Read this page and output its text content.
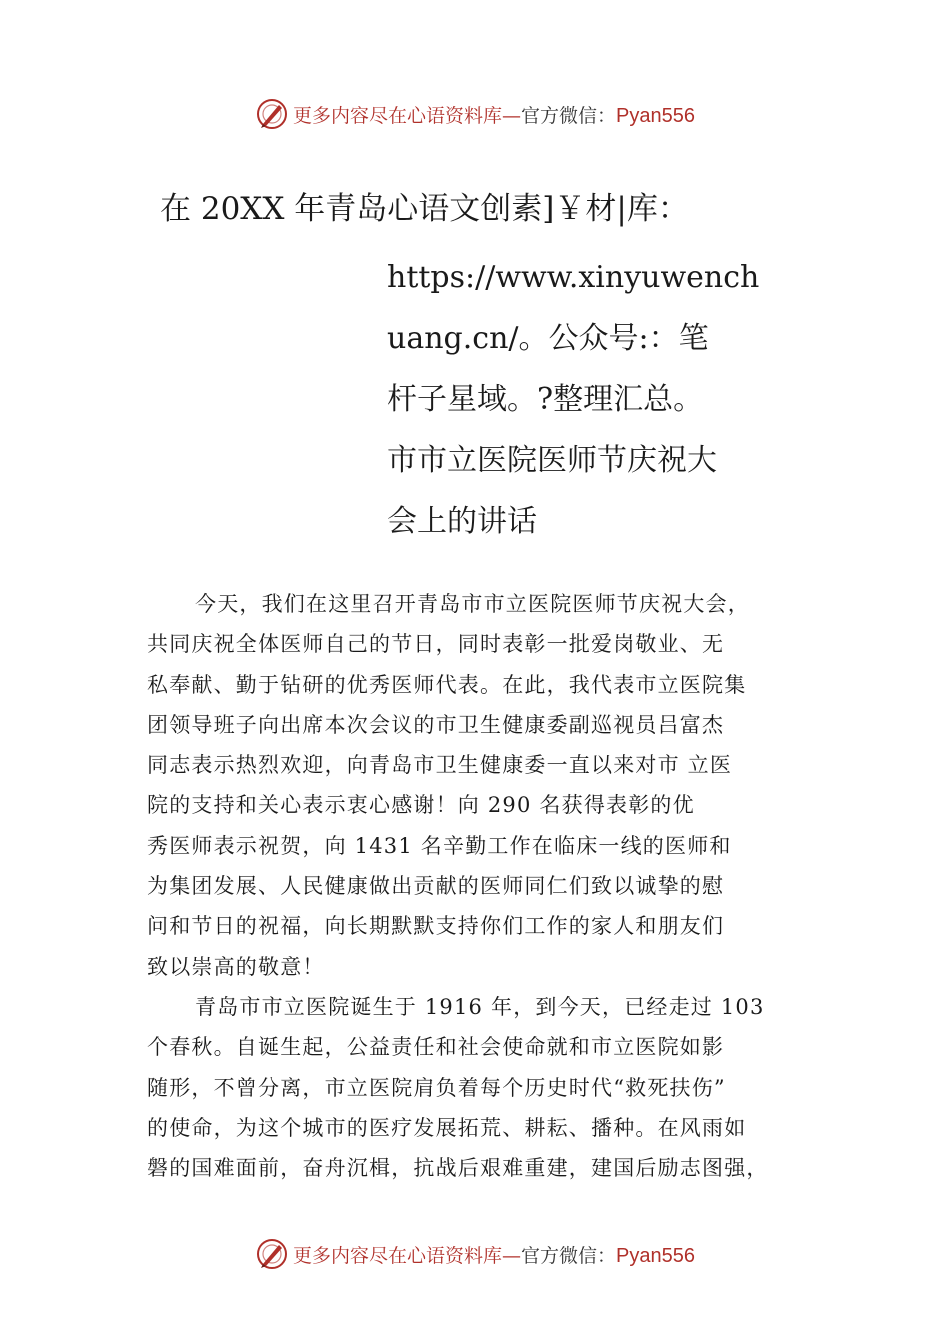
更多内容尽在心语资料库—官方微信：Pyan556
在 20XX 年青岛心语文创素]￥材|库：
https://www.xinyuwench
uang.cn/。公众号:：笔
杆子星域。?整理汇总。
市市立医院医师节庆祝大
会上的讲话
今天，我们在这里召开青岛市市立医院医师节庆祝大会，
共同庆祝全体医师自己的节日，同时表彰一批爱岗敬业、无
私奉献、勤于钻研的优秀医师代表。在此，我代表市立医院集
团领导班子向出席本次会议的市卫生健康委副巡视员吕富杰
同志表示热烈欢迎，向青岛市卫生健康委一直以来对市 立医
院的支持和关心表示衷心感谢！向 290 名获得表彰的优
秀医师表示祝贺，向 1431 名辛勤工作在临床一线的医师和
为集团发展、人民健康做出贡献的医师同仁们致以诚挚的慰
问和节日的祝福，向长期默默支持你们工作的家人和朋友们
致以崇高的敬意！
青岛市市立医院诞生于 1916 年，到今天，已经走过 103
个春秋。自诞生起，公益责任和社会使命就和市立医院如影
随形，不曾分离，市立医院肩负着每个历史时代“救死扶伤”
的使命，为这个城市的医疗发展拓荒、耕耘、播种。在风雨如
磐的国难面前，奋舟沉楫，抗战后艰难重建，建国后励志图强，
更多内容尽在心语资料库—官方微信：Pyan556
